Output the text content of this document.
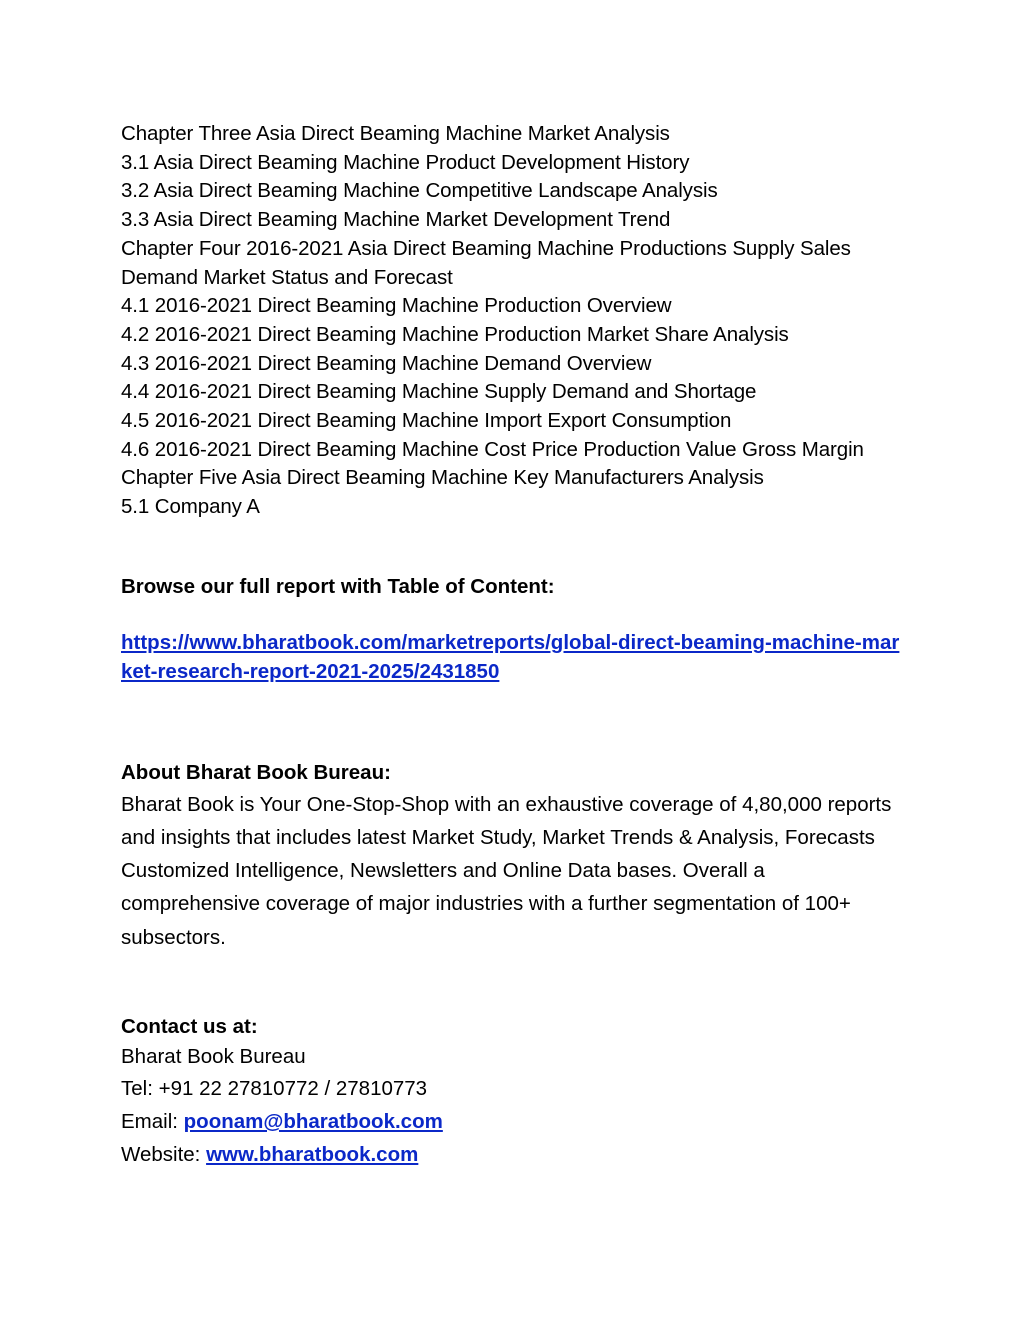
Chapter Three Asia Direct Beaming Machine Market Analysis
3.1 Asia Direct Beaming Machine Product Development History
3.2 Asia Direct Beaming Machine Competitive Landscape Analysis
3.3 Asia Direct Beaming Machine Market Development Trend
Chapter Four 2016-2021 Asia Direct Beaming Machine Productions Supply Sales Demand Market Status and Forecast
4.1 2016-2021 Direct Beaming Machine Production Overview
4.2 2016-2021 Direct Beaming Machine Production Market Share Analysis
4.3 2016-2021 Direct Beaming Machine Demand Overview
4.4 2016-2021 Direct Beaming Machine Supply Demand and Shortage
4.5 2016-2021 Direct Beaming Machine Import Export Consumption
4.6 2016-2021 Direct Beaming Machine Cost Price Production Value Gross Margin
Chapter Five Asia Direct Beaming Machine Key Manufacturers Analysis
5.1 Company A
Browse our full report with Table of Content:
https://www.bharatbook.com/marketreports/global-direct-beaming-machine-market-research-report-2021-2025/2431850
About Bharat Book Bureau:
Bharat Book is Your One-Stop-Shop with an exhaustive coverage of 4,80,000 reports and insights that includes latest Market Study, Market Trends & Analysis, Forecasts Customized Intelligence, Newsletters and Online Data bases. Overall a comprehensive coverage of major industries with a further segmentation of 100+ subsectors.
Contact us at:
Bharat Book Bureau
Tel: +91 22 27810772 / 27810773
Email: poonam@bharatbook.com
Website: www.bharatbook.com
